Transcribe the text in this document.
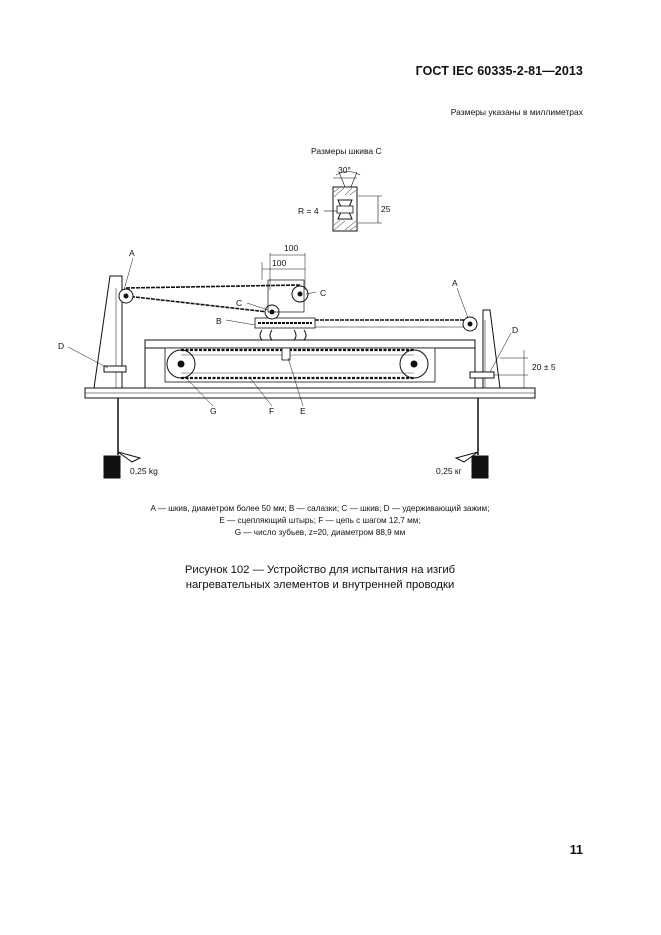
ГОСТ IEC 60335-2-81—2013
Размеры указаны в миллиметрах
Размеры шкива C
30°
R = 4	25
100
100
A
A
C
C
B
D
D
20 ± 5
G	F	E
0,25 kg	0,25 кг
A — шкив, диаметром более 50 мм; B — салазки; C — шкив; D — удерживающий зажим;
E — сцепляющий штырь; F — цепь с шагом 12,7 мм;
G — число зубьев, z=20, диаметром 88,9 мм
Рисунок 102 — Устройство для испытания на изгиб
нагревательных элементов и внутренней проводки
11
